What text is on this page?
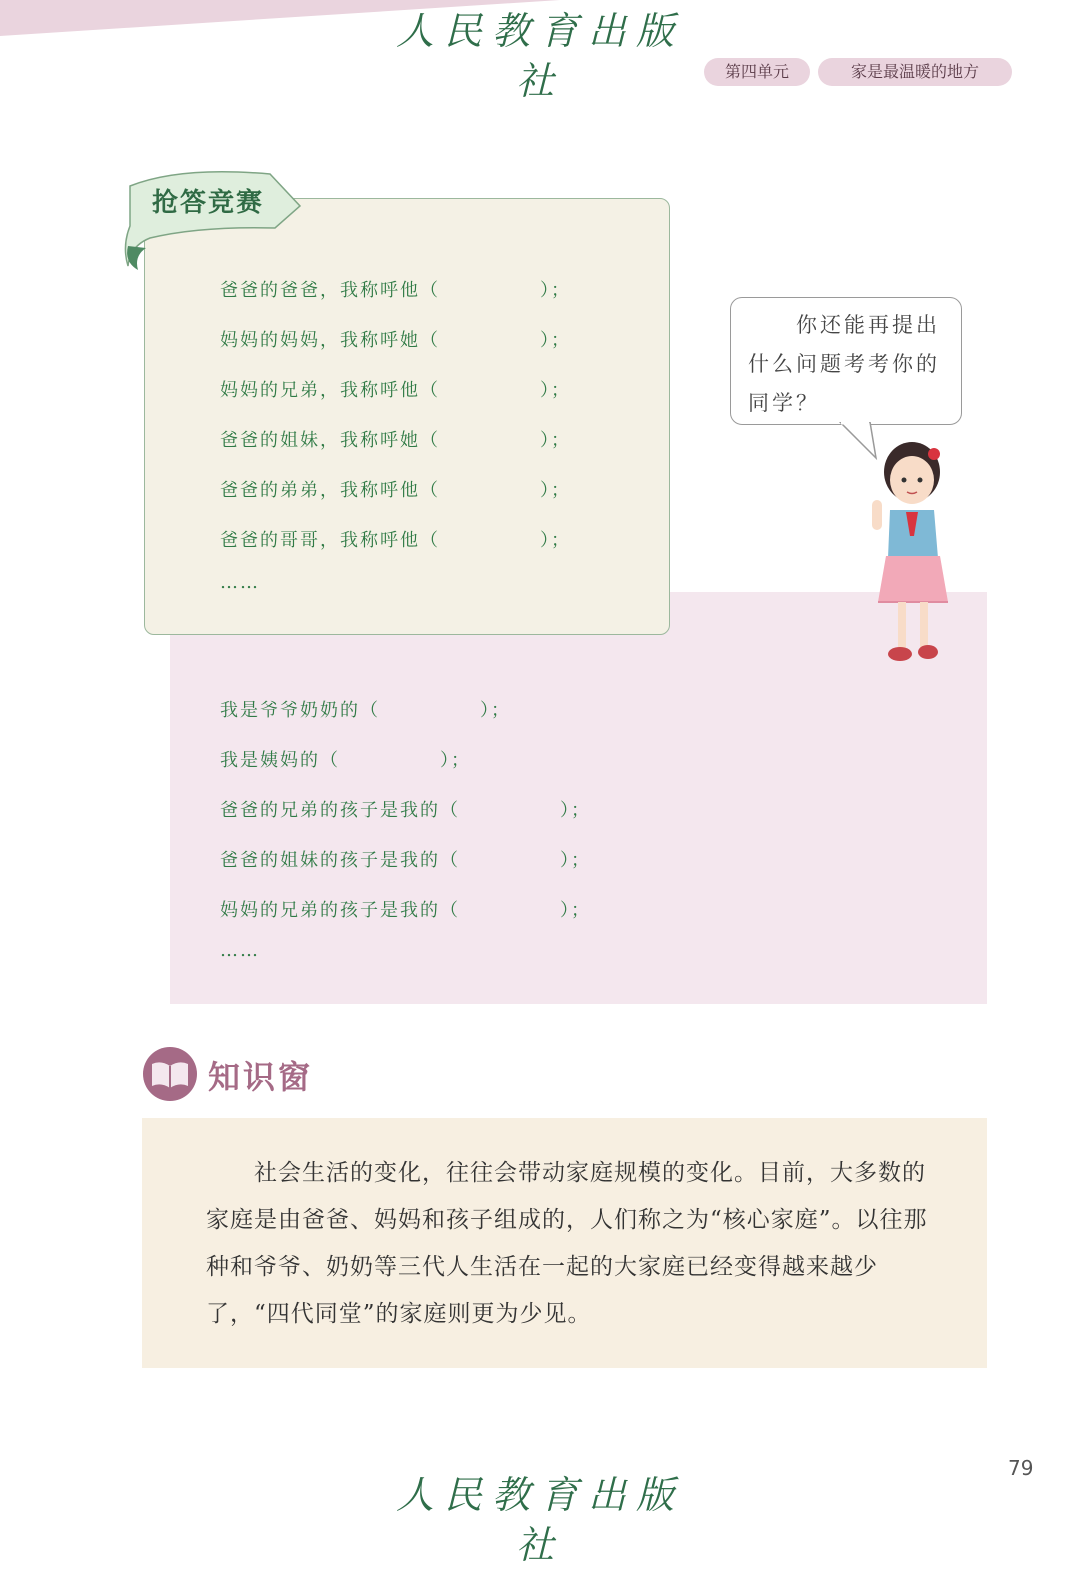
人民教育出版社	第四单元	家是最温暖的地方
抢答竞赛
爸爸的爸爸，我称呼他（　　　　　）；
妈妈的妈妈，我称呼她（　　　　　）；
妈妈的兄弟，我称呼他（　　　　　）；
爸爸的姐妹，我称呼她（　　　　　）；
爸爸的弟弟，我称呼他（　　　　　）；
爸爸的哥哥，我称呼他（　　　　　）；
……
我是爷爷奶奶的（　　　　　）；
我是姨妈的（　　　　　）；
爸爸的兄弟的孩子是我的（　　　　　）；
爸爸的姐妹的孩子是我的（　　　　　）；
妈妈的兄弟的孩子是我的（　　　　　）；
……
你还能再提出什么问题考考你的同学？
知识窗
社会生活的变化，往往会带动家庭规模的变化。目前，大多数的家庭是由爸爸、妈妈和孩子组成的，人们称之为“核心家庭”。以往那种和爷爷、奶奶等三代人生活在一起的大家庭已经变得越来越少了，“四代同堂”的家庭则更为少见。
79
人民教育出版社
